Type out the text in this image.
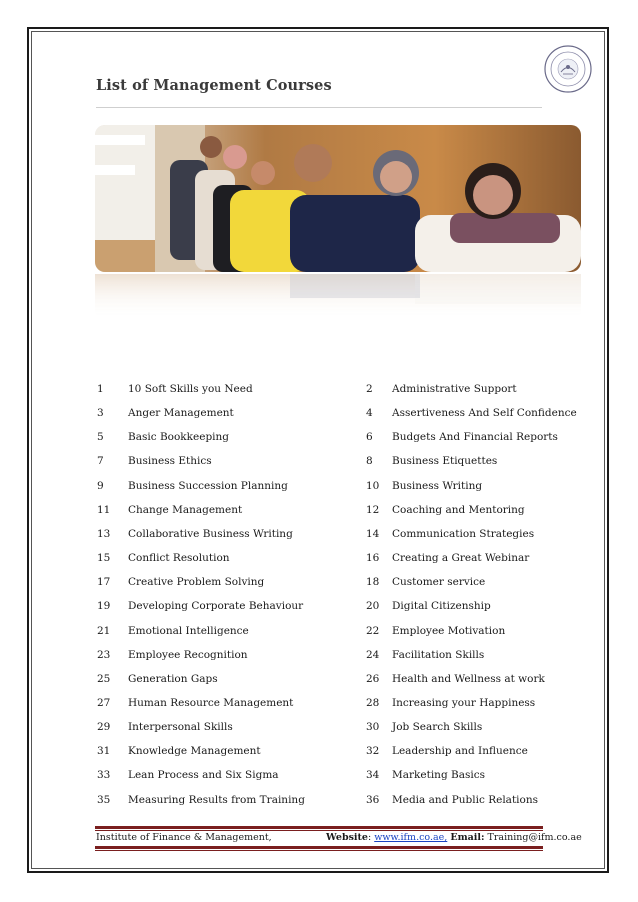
List of Management Courses
1 10 Soft Skills you Need	2 Administrative Support
3 Anger Management	4 Assertiveness And Self Confidence
5 Basic Bookkeeping	6 Budgets And Financial Reports
7 Business Ethics	8 Business Etiquettes
9 Business Succession Planning	10 Business Writing
11 Change Management	12 Coaching and Mentoring
13 Collaborative Business Writing	14 Communication Strategies
15 Conflict Resolution	16 Creating a Great Webinar
17 Creative Problem Solving	18 Customer service
19 Developing Corporate Behaviour	20 Digital Citizenship
21 Emotional Intelligence	22 Employee Motivation
23 Employee Recognition	24 Facilitation Skills
25 Generation Gaps	26 Health and Wellness at work
27 Human Resource Management	28 Increasing your Happiness
29 Interpersonal Skills	30 Job Search Skills
31 Knowledge Management	32 Leadership and Influence
33 Lean Process and Six Sigma	34 Marketing Basics
35 Measuring Results from Training	36 Media and Public Relations
Institute of Finance & Management,	Website: www.ifm.co.ae, Email: Training@ifm.co.ae
